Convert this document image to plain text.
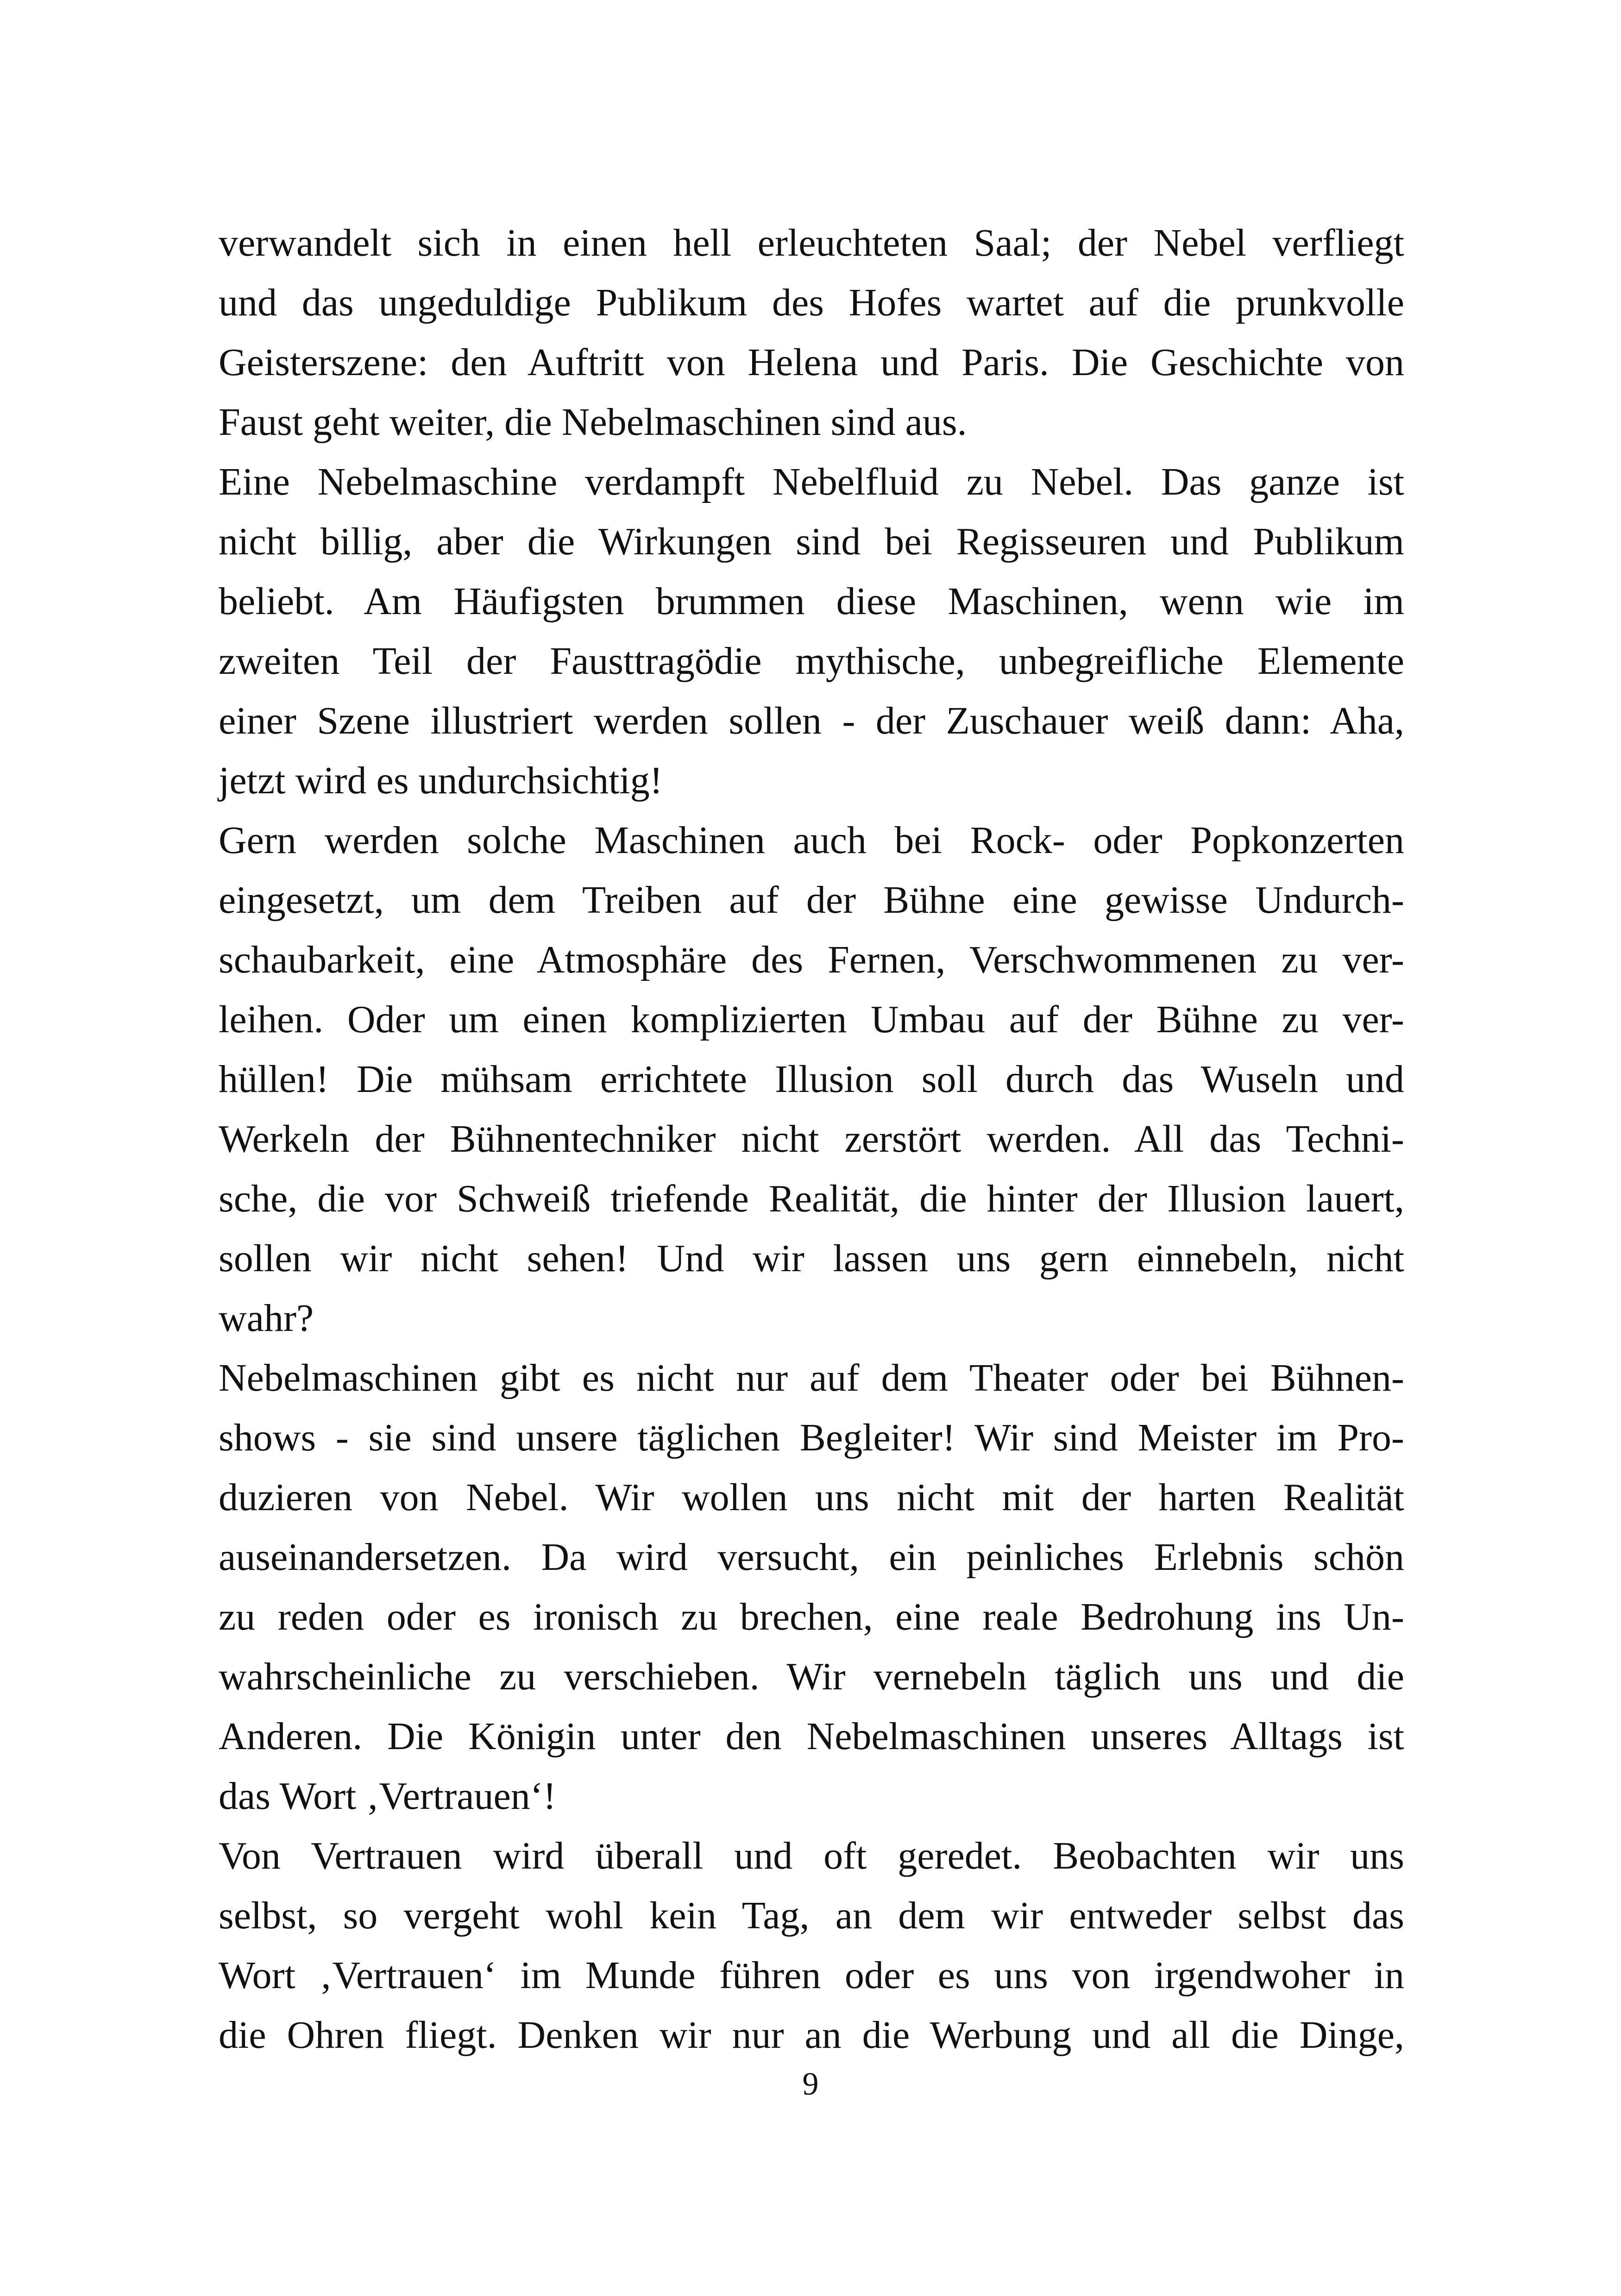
verwandelt sich in einen hell erleuchteten Saal; der Nebel verfliegt
und das ungeduldige Publikum des Hofes wartet auf die prunkvolle
Geisterszene: den Auftritt von Helena und Paris. Die Geschichte von
Faust geht weiter, die Nebelmaschinen sind aus.
Eine Nebelmaschine verdampft Nebelfluid zu Nebel. Das ganze ist
nicht billig, aber die Wirkungen sind bei Regisseuren und Publikum
beliebt. Am Häufigsten brummen diese Maschinen, wenn wie im
zweiten Teil der Fausttragödie mythische, unbegreifliche Elemente
einer Szene illustriert werden sollen - der Zuschauer weiß dann: Aha,
jetzt wird es undurchsichtig!
Gern werden solche Maschinen auch bei Rock- oder Popkonzerten
eingesetzt, um dem Treiben auf der Bühne eine gewisse Undurch-
schaubarkeit, eine Atmosphäre des Fernen, Verschwommenen zu ver-
leihen. Oder um einen komplizierten Umbau auf der Bühne zu ver-
hüllen! Die mühsam errichtete Illusion soll durch das Wuseln und
Werkeln der Bühnentechniker nicht zerstört werden. All das Techni-
sche, die vor Schweiß triefende Realität, die hinter der Illusion lauert,
sollen wir nicht sehen! Und wir lassen uns gern einnebeln, nicht
wahr?
Nebelmaschinen gibt es nicht nur auf dem Theater oder bei Bühnen-
shows - sie sind unsere täglichen Begleiter! Wir sind Meister im Pro-
duzieren von Nebel. Wir wollen uns nicht mit der harten Realität
auseinandersetzen. Da wird versucht, ein peinliches Erlebnis schön
zu reden oder es ironisch zu brechen, eine reale Bedrohung ins Un-
wahrscheinliche zu verschieben. Wir vernebeln täglich uns und die
Anderen. Die Königin unter den Nebelmaschinen unseres Alltags ist
das Wort ‚Vertrauen‘!
Von Vertrauen wird überall und oft geredet. Beobachten wir uns
selbst, so vergeht wohl kein Tag, an dem wir entweder selbst das
Wort ‚Vertrauen‘ im Munde führen oder es uns von irgendwoher in
die Ohren fliegt. Denken wir nur an die Werbung und all die Dinge,
9
